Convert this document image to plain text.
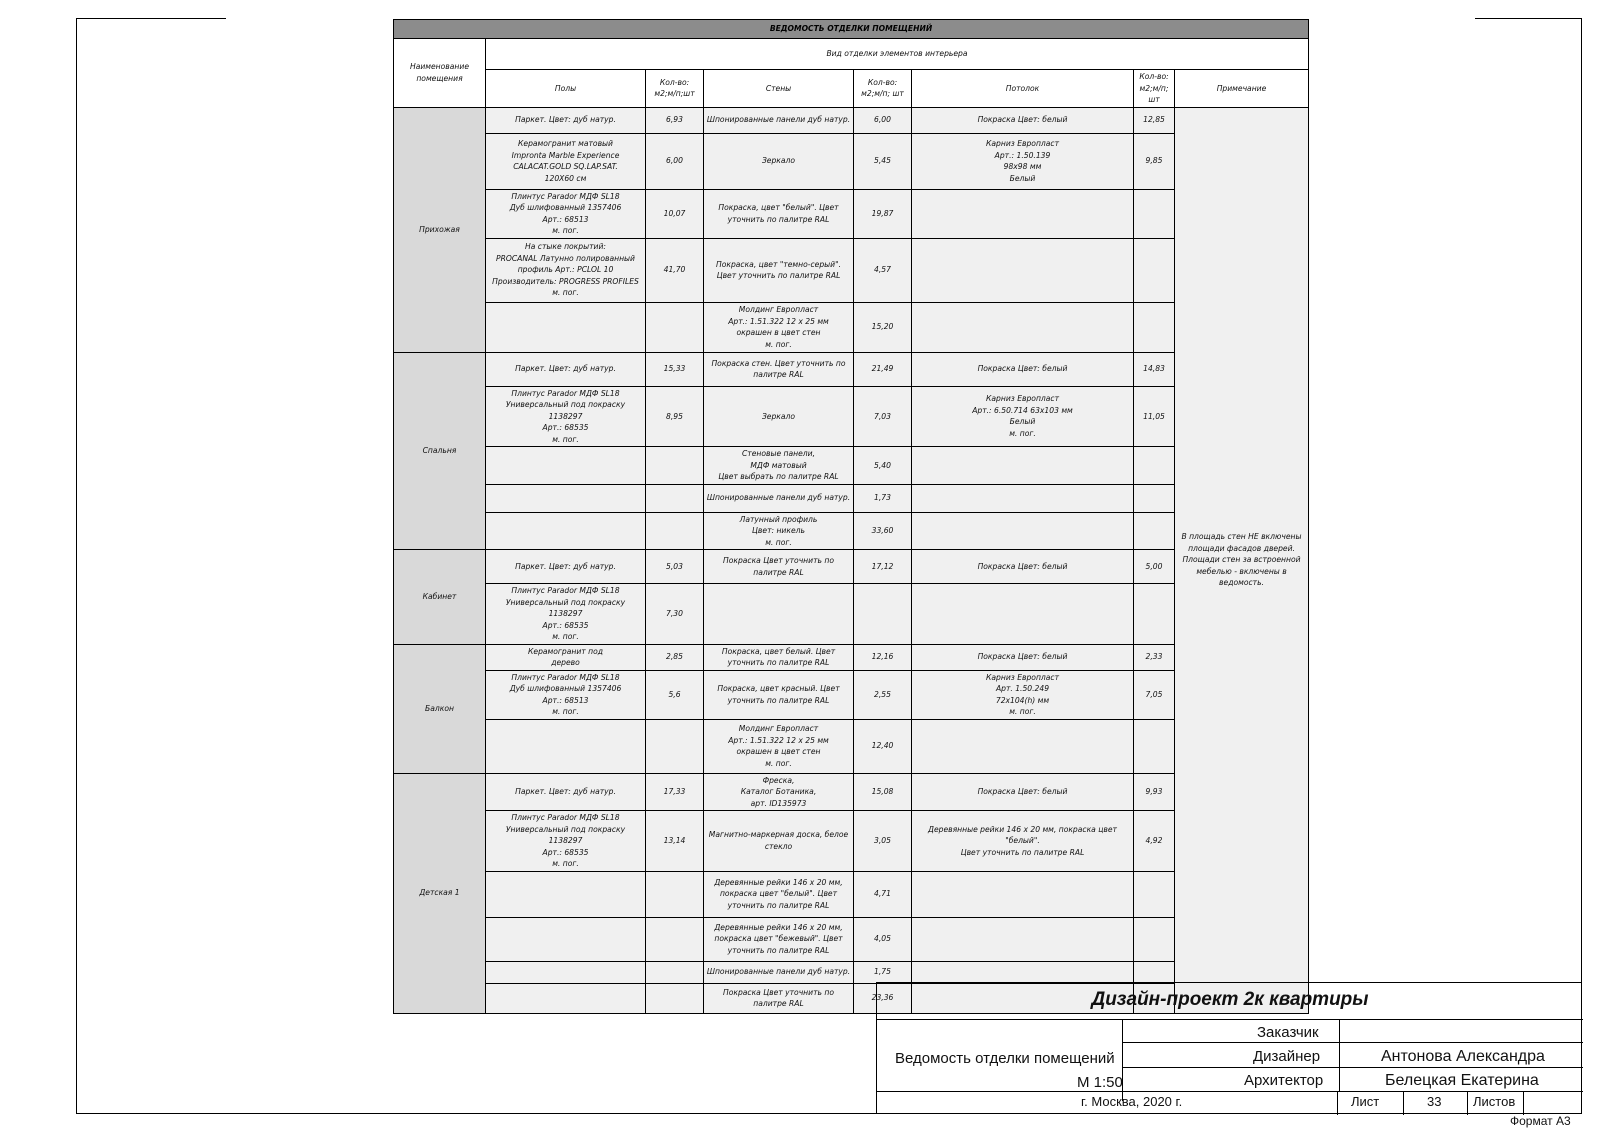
ВЕДОМОСТЬ ОТДЕЛКИ ПОМЕЩЕНИЙ							
Наименование помещения	Вид отделки элементов интерьера						
	Полы	Кол-во: м2;м/п;шт	Стены	Кол-во: м2;м/п; шт	Потолок	Кол-во: м2;м/п; шт	Примечание
Прихожая	Паркет. Цвет: дуб натур.	6,93	Шпонированные панели дуб натур.	6,00	Покраска Цвет: белый	12,85	В площадь стен НЕ включены площади фасадов дверей. Площади стен за встроенной мебелью - включены в ведомость.
	Керамогранит матовый
Impronta Marble Experience
CALACAT.GOLD SQ.LAP.SAT.
120X60 см	6,00	Зеркало	5,45	Карниз Европласт
Арт.: 1.50.139
98x98 мм
Белый	9,85	
	Плинтус Parador МДФ SL18
Дуб шлифованный 1357406
Арт.: 68513
м. пог.	10,07	Покраска, цвет "белый". Цвет
уточнить по палитре RAL	19,87			
	На стыке покрытий:
PROCANAL Латунно полированный
профиль Арт.: PCLOL 10
Производитель: PROGRESS PROFILES
м. пог.	41,70	Покраска, цвет "темно-серый".
Цвет уточнить по палитре RAL	4,57			
			Молдинг Европласт
Арт.: 1.51.322 12 x 25 мм
окрашен в цвет стен
м. пог.	15,20			
Спальня	Паркет. Цвет: дуб натур.	15,33	Покраска стен. Цвет уточнить по
палитре RAL	21,49	Покраска Цвет: белый	14,83	
	Плинтус Parador МДФ SL18
Универсальный под покраску 1138297
Арт.: 68535
м. пог.	8,95	Зеркало	7,03	Карниз Европласт
Арт.: 6.50.714 63x103 мм
Белый
м. пог.	11,05	
			Стеновые панели,
МДФ матовый
Цвет выбрать по палитре RAL	5,40			
			Шпонированные панели дуб натур.	1,73			
			Латунный профиль
Цвет: никель
м. пог.	33,60			
Кабинет	Паркет. Цвет: дуб натур.	5,03	Покраска Цвет уточнить по
палитре RAL	17,12	Покраска Цвет: белый	5,00	
	Плинтус Parador МДФ SL18
Универсальный под покраску 1138297
Арт.: 68535
м. пог.	7,30					
Балкон	Керамогранит под
дерево	2,85	Покраска, цвет белый. Цвет
уточнить по палитре RAL	12,16	Покраска Цвет: белый	2,33	
	Плинтус Parador МДФ SL18
Дуб шлифованный 1357406
Арт.: 68513
м. пог.	5,6	Покраска, цвет красный. Цвет
уточнить по палитре RAL	2,55	Карниз Европласт
Арт. 1.50.249
72x104(h) мм
м. пог.	7,05	
			Молдинг Европласт
Арт.: 1.51.322 12 x 25 мм
окрашен в цвет стен
м. пог.	12,40			
Детская 1	Паркет. Цвет: дуб натур.	17,33	Фреска,
Каталог Ботаника,
арт. ID135973	15,08	Покраска Цвет: белый	9,93	
	Плинтус Parador МДФ SL18
Универсальный под покраску 1138297
Арт.: 68535
м. пог.	13,14	Магнитно-маркерная доска, белое
стекло	3,05	Деревянные рейки 146 x 20 мм, покраска цвет "белый".
Цвет уточнить по палитре RAL	4,92	
			Деревянные рейки 146 x 20 мм,
покраска цвет "белый". Цвет
уточнить по палитре RAL	4,71			
			Деревянные рейки 146 x 20 мм,
покраска цвет "бежевый". Цвет
уточнить по палитре RAL	4,05			
			Шпонированные панели дуб натур.	1,75			
			Покраска Цвет уточнить по
палитре RAL	23,36				Дизайн-проект 2к квартиры
Ведомость отделки помещений
М 1:50
Заказчик
Дизайнер	Антонова Александра
Архитектор	Белецкая Екатерина
г. Москва, 2020 г.	Лист	33 Листов
Формат А3
